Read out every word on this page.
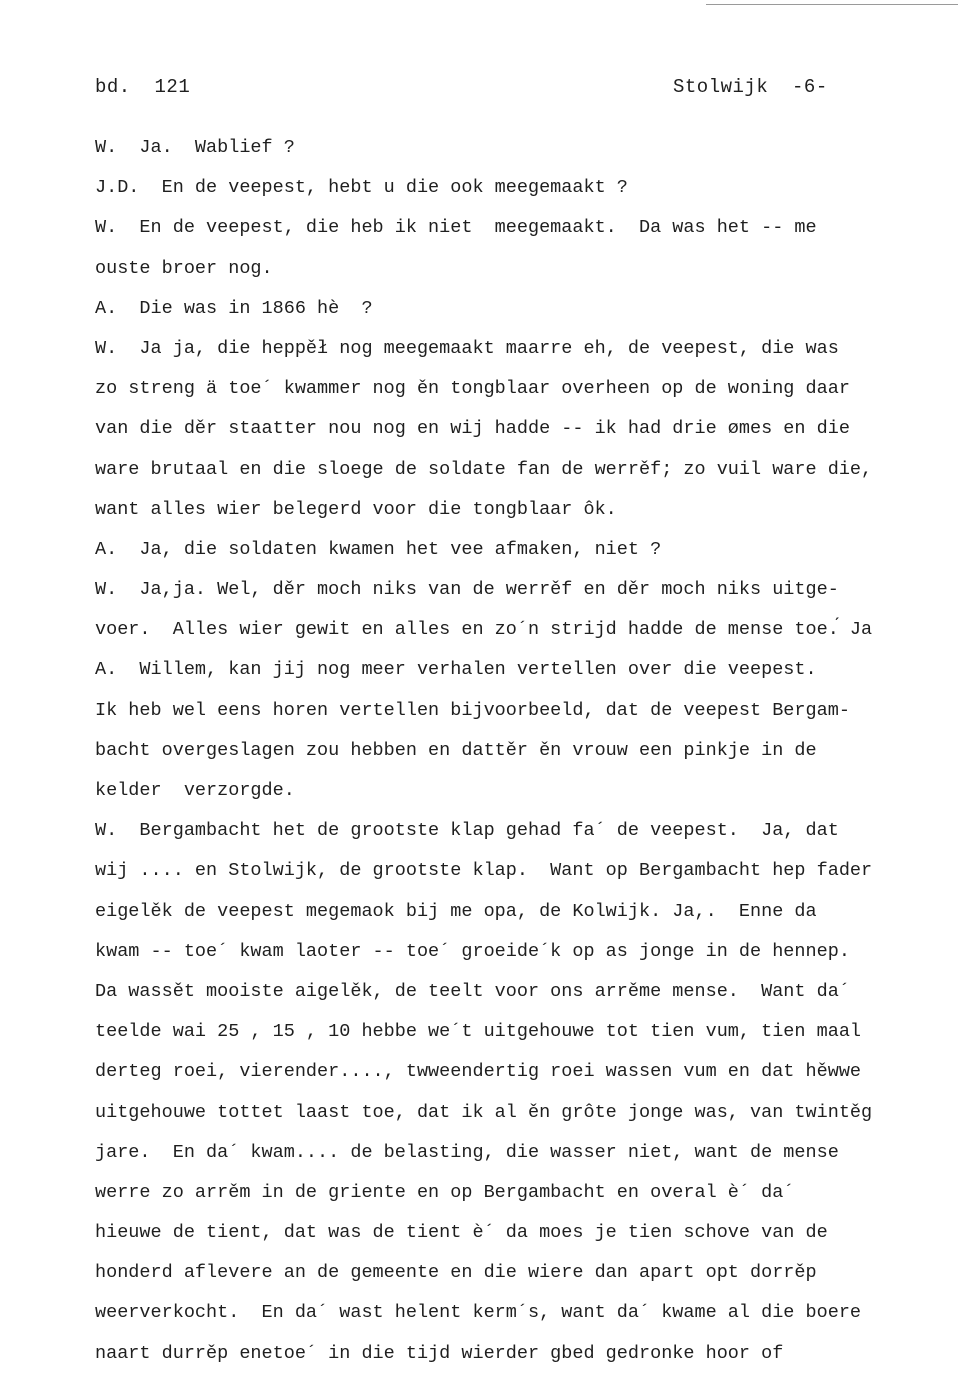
bd.  121	Stolwijk  -6-
W.  Ja.  Wablief ?
J.D.  En de veepest, hebt u die ook meegemaakt ?
W.  En de veepest, die heb ik niet  meegemaakt.  Da was het -- me
ouste broer nog.
A.  Die was in 1866 hè  ?
W.  Ja ja, die heppěł nog meegemaakt maarre eh, de veepest, die was
zo streng ä toe´ kwammer nog ěn tongblaar overheen op de woning daar
van die děr staatter nou nog en wij hadde -- ik had drie ømes en die
ware brutaal en die sloege de soldate fan de werrěf; zo vuil ware die,
want alles wier belegerd voor die tongblaar ôk.
A.  Ja, die soldaten kwamen het vee afmaken, niet ?
W.  Ja,ja. Wel, děr moch niks van de werrěf en děr moch niks uitge-
voer.  Alles wier gewit en alles en zo´n strijd hadde de mense toe.́ Ja
A.  Willem, kan jij nog meer verhalen vertellen over die veepest.
Ik heb wel eens horen vertellen bijvoorbeeld, dat de veepest Bergam-
bacht overgeslagen zou hebben en dattěr ěn vrouw een pinkje in de
kelder  verzorgde.
W.  Bergambacht het de grootste klap gehad fa´ de veepest.  Ja, dat
wij .... en Stolwijk, de grootste klap.  Want op Bergambacht hep fader
eigelěk de veepest megemaok bij me opa, de Kolwijk. Ja,.  Enne da
kwam -- toe´ kwam laoter -- toe´ groeide´k op as jonge in de hennep.
Da wassět mooiste aigelěk, de teelt voor ons arrěme mense.  Want da´
teelde wai 25 , 15 , 10 hebbe we´t uitgehouwe tot tien vum, tien maal
derteg roei, vierender...., twweendertig roei wassen vum en dat hěwwe
uitgehouwe tottet laast toe, dat ik al ěn grôte jonge was, van twintěg
jare.  En da´ kwam.... de belasting, die wasser niet, want de mense
werre zo arrěm in de griente en op Bergambacht en overal è´ da´
hieuwe de tient, dat was de tient è´ da moes je tien schove van de
honderd aflevere an de gemeente en die wiere dan apart opt dorrěp
weerverkocht.  En da´ wast helent kerm´s, want da´ kwame al die boere
naart durrěp enetoe´ in die tijd wierder gbed gedronke hoor of
